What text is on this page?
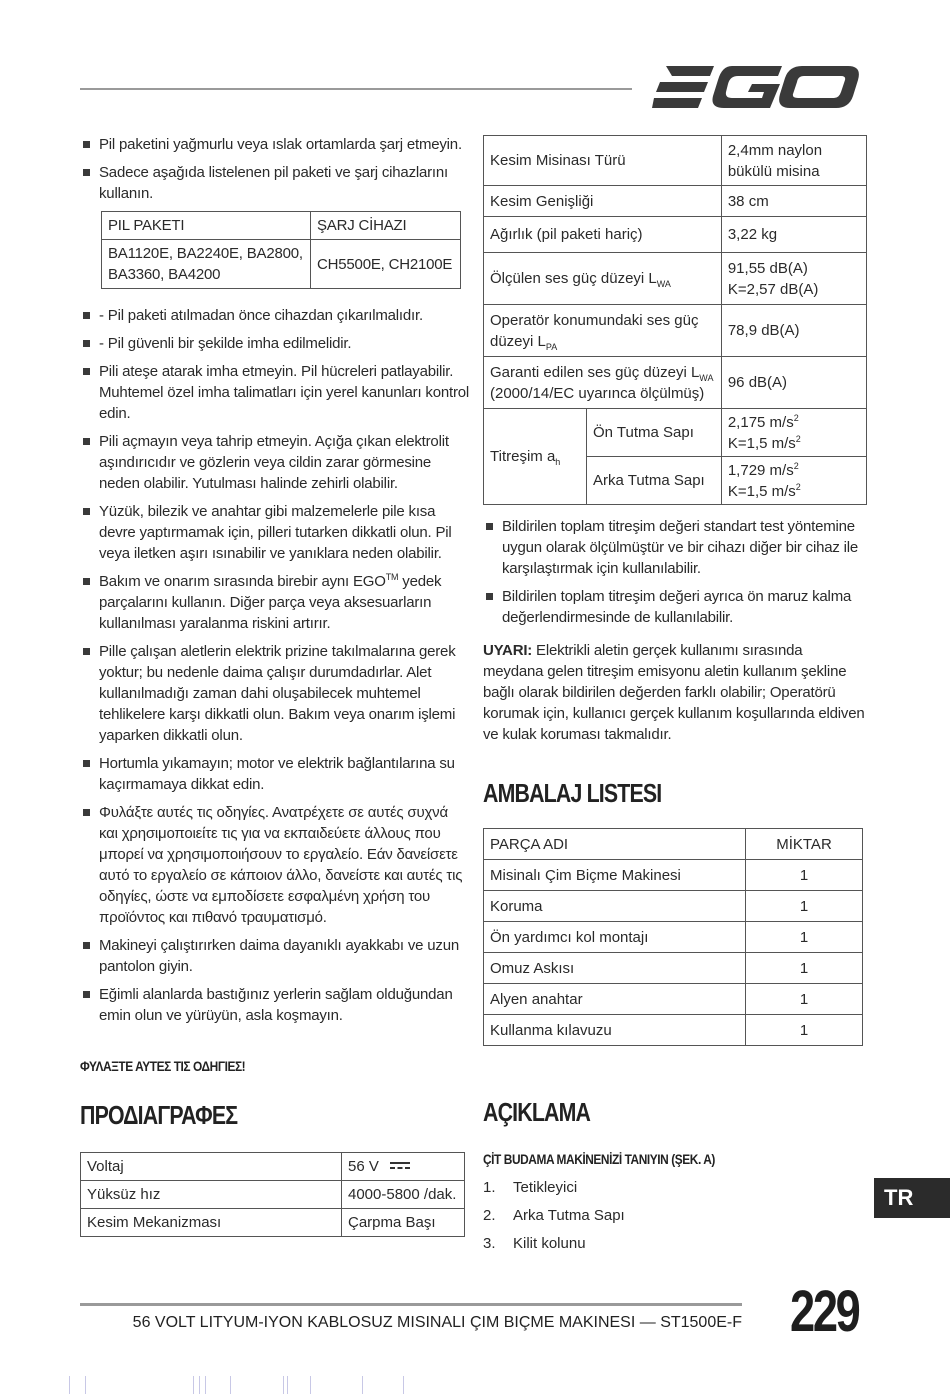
Pil paketini yağmurlu veya ıslak ortamlarda şarj etmeyin.
Sadece aşağıda listelenen pil paketi ve şarj cihazlarını kullanın.
PIL PAKETI	ŞARJ CİHAZI
BA1120E, BA2240E, BA2800, BA3360, BA4200	CH5500E, CH2100E
- Pil paketi atılmadan önce cihazdan çıkarılmalıdır.
- Pil güvenli bir şekilde imha edilmelidir.
Pili ateşe atarak imha etmeyin. Pil hücreleri patlayabilir. Muhtemel özel imha talimatları için yerel kanunları kontrol edin.
Pili açmayın veya tahrip etmeyin. Açığa çıkan elektrolit aşındırıcıdır ve gözlerin veya cildin zarar görmesine neden olabilir. Yutulması halinde zehirli olabilir.
Yüzük, bilezik ve anahtar gibi malzemelerle pile kısa devre yaptırmamak için, pilleri tutarken dikkatli olun. Pil veya iletken aşırı ısınabilir ve yanıklara neden olabilir.
Bakım ve onarım sırasında birebir aynı EGO™ yedek parçalarını kullanın. Diğer parça veya aksesuarların kullanılması yaralanma riskini artırır.
Pille çalışan aletlerin elektrik prizine takılmalarına gerek yoktur; bu nedenle daima çalışır durumdadırlar. Alet kullanılmadığı zaman dahi oluşabilecek muhtemel tehlikelere karşı dikkatli olun. Bakım veya onarım işlemi yaparken dikkatli olun.
Hortumla yıkamayın; motor ve elektrik bağlantılarına su kaçırmamaya dikkat edin.
Φυλάξτε αυτές τις οδηγίες. Ανατρέχετε σε αυτές συχνά και χρησιμοποιείτε τις για να εκπαιδεύετε άλλους που μπορεί να χρησιμοποιήσουν το εργαλείο. Εάν δανείσετε αυτό το εργαλείο σε κάποιον άλλο, δανείστε και αυτές τις οδηγίες, ώστε να εμποδίσετε εσφαλμένη χρήση του προϊόντος και πιθανό τραυματισμό.
Makineyi çalıştırırken daima dayanıklı ayakkabı ve uzun pantolon giyin.
Eğimli alanlarda bastığınız yerlerin sağlam olduğundan emin olun ve yürüyün, asla koşmayın.
ΦΥΛΑΞΤΕ ΑΥΤΕΣ ΤΙΣ ΟΔΗΓΙΕΣ!
ΠΡΟΔΙΑΓΡΑΦΕΣ
Voltaj	56 V
Yüksüz hız	4000-5800 /dak.
Kesim Mekanizması	Çarpma Başı
Kesim Misinası Türü		2,4mm naylon bükülü misina
Kesim Genişliği		38 cm
Ağırlık (pil paketi hariç)		3,22 kg
Ölçülen ses güç düzeyi $L_{WA}$		91,55 dB(A)
K=2,57 dB(A)
Operatör konumundaki ses güç düzeyi $L_{PA}$		78,9 dB(A)
Garanti edilen ses güç düzeyi $L_{WA}$
(2000/14/EC uyarınca ölçülmüş)		96 dB(A)
Titreşim $a_h$	Ön Tutma Sapı	2,175 $m/s^2$
K=1,5 $m/s^2$
	Arka Tutma Sapı	1,729 $m/s^2$
K=1,5 $m/s^2$
Bildirilen toplam titreşim değeri standart test yöntemine uygun olarak ölçülmüştür ve bir cihazı diğer bir cihaz ile karşılaştırmak için kullanılabilir.
Bildirilen toplam titreşim değeri ayrıca ön maruz kalma değerlendirmesinde de kullanılabilir.

UYARI: Elektrikli aletin gerçek kullanımı sırasında meydana gelen titreşim emisyonu aletin kullanım şekline bağlı olarak bildirilen değerden farklı olabilir; Operatörü korumak için, kullanıcı gerçek kullanım koşullarında eldiven ve kulak koruması takmalıdır.

AMBALAJ LISTESI
PARÇA ADI	MİKTAR
Misinalı Çim Biçme Makinesi	1
Koruma	1
Ön yardımcı kol montajı	1
Omuz Askısı	1
Alyen anahtar	1
Kullanma kılavuzu	1
AÇIKLAMA
ÇİT BUDAMA MAKİNENİZİ TANIYIN (ŞEK. A)
1. Tetikleyici
2. Arka Tutma Sapı
3. Kilit kolunu
TR
56 VOLT LITYUM-IYON KABLOSUZ MISINALI ÇIM BIÇME MAKINESI — ST1500E-F 229
